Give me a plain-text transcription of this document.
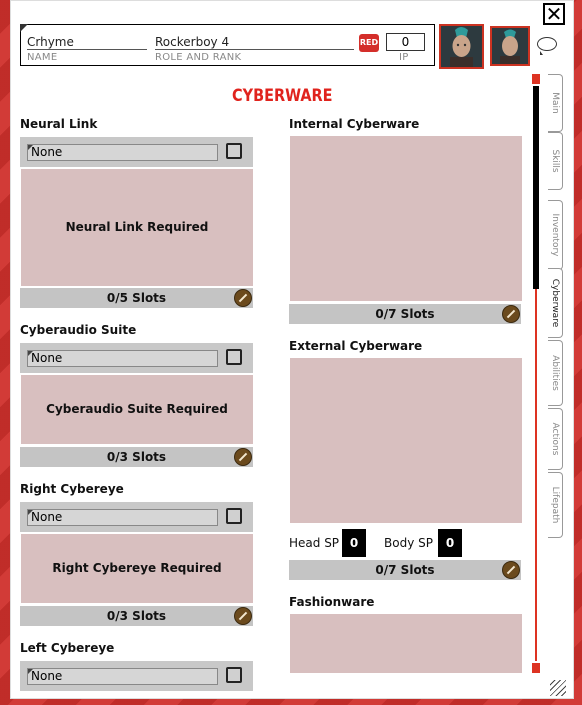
✕
Crhyme
NAME
Rockerboy 4
ROLE AND RANK	IP
RED	0
CYBERWARE
Neural Link
None
Neural Link Required
0/5 Slots
Cyberaudio Suite
None
Cyberaudio Suite Required
0/3 Slots
Right Cybereye
None
Right Cybereye Required
0/3 Slots
Left Cybereye
None
Internal Cyberware
0/7 Slots
External Cyberware
Head SP 0	Body SP	0
0/7 Slots
Fashionware
Main
Skills
Inventory
Cyberware
Abilities
Actions
Lifepath
